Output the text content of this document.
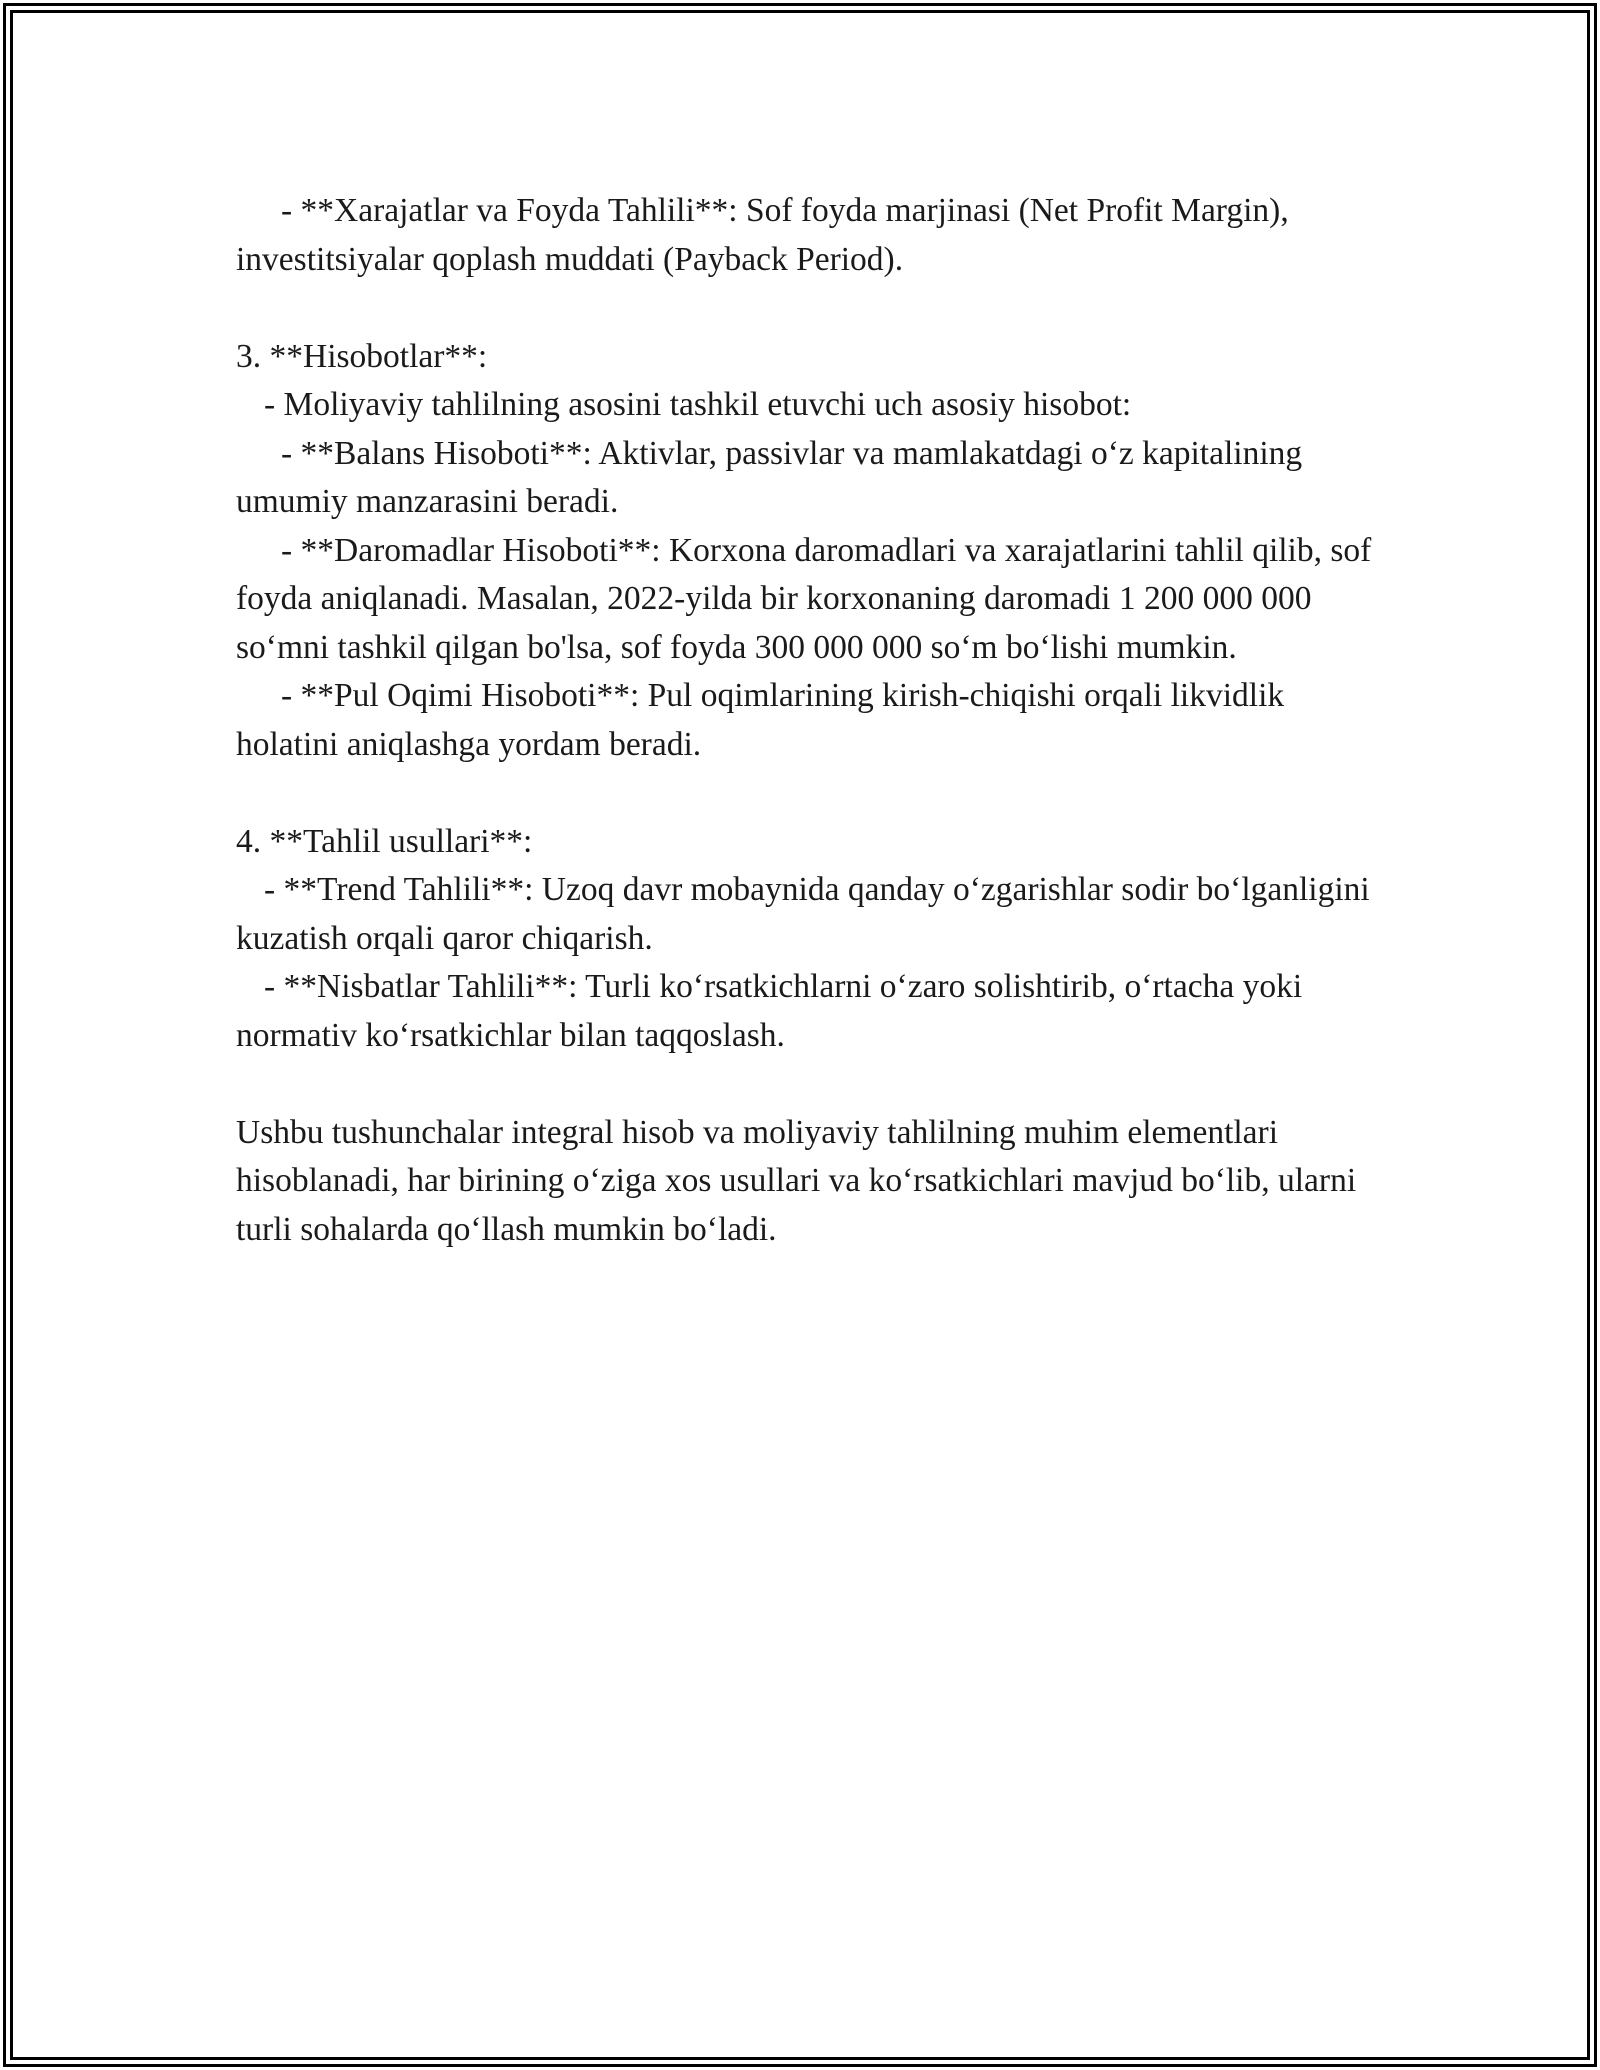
- **Xarajatlar va Foyda Tahlili**: Sof foyda marjinasi (Net Profit Margin), investitsiyalar qoplash muddati (Payback Period).

3. **Hisobotlar**:

- Moliyaviy tahlilning asosini tashkil etuvchi uch asosiy hisobot:

- **Balans Hisoboti**: Aktivlar, passivlar va mamlakatdagi o‘z kapitalining umumiy manzarasini beradi.

- **Daromadlar Hisoboti**: Korxona daromadlari va xarajatlarini tahlil qilib, sof foyda aniqlanadi. Masalan, 2022-yilda bir korxonaning daromadi 1 200 000 000 so‘mni tashkil qilgan bo'lsa, sof foyda 300 000 000 so‘m bo‘lishi mumkin.

- **Pul Oqimi Hisoboti**: Pul oqimlarining kirish-chiqishi orqali likvidlik holatini aniqlashga yordam beradi.

4. **Tahlil usullari**:

- **Trend Tahlili**: Uzoq davr mobaynida qanday o‘zgarishlar sodir bo‘lganligini kuzatish orqali qaror chiqarish.

- **Nisbatlar Tahlili**: Turli ko‘rsatkichlarni o‘zaro solishtirib, o‘rtacha yoki normativ ko‘rsatkichlar bilan taqqoslash.

Ushbu tushunchalar integral hisob va moliyaviy tahlilning muhim elementlari hisoblanadi, har birining o‘ziga xos usullari va ko‘rsatkichlari mavjud bo‘lib, ularni turli sohalarda qo‘llash mumkin bo‘ladi.
